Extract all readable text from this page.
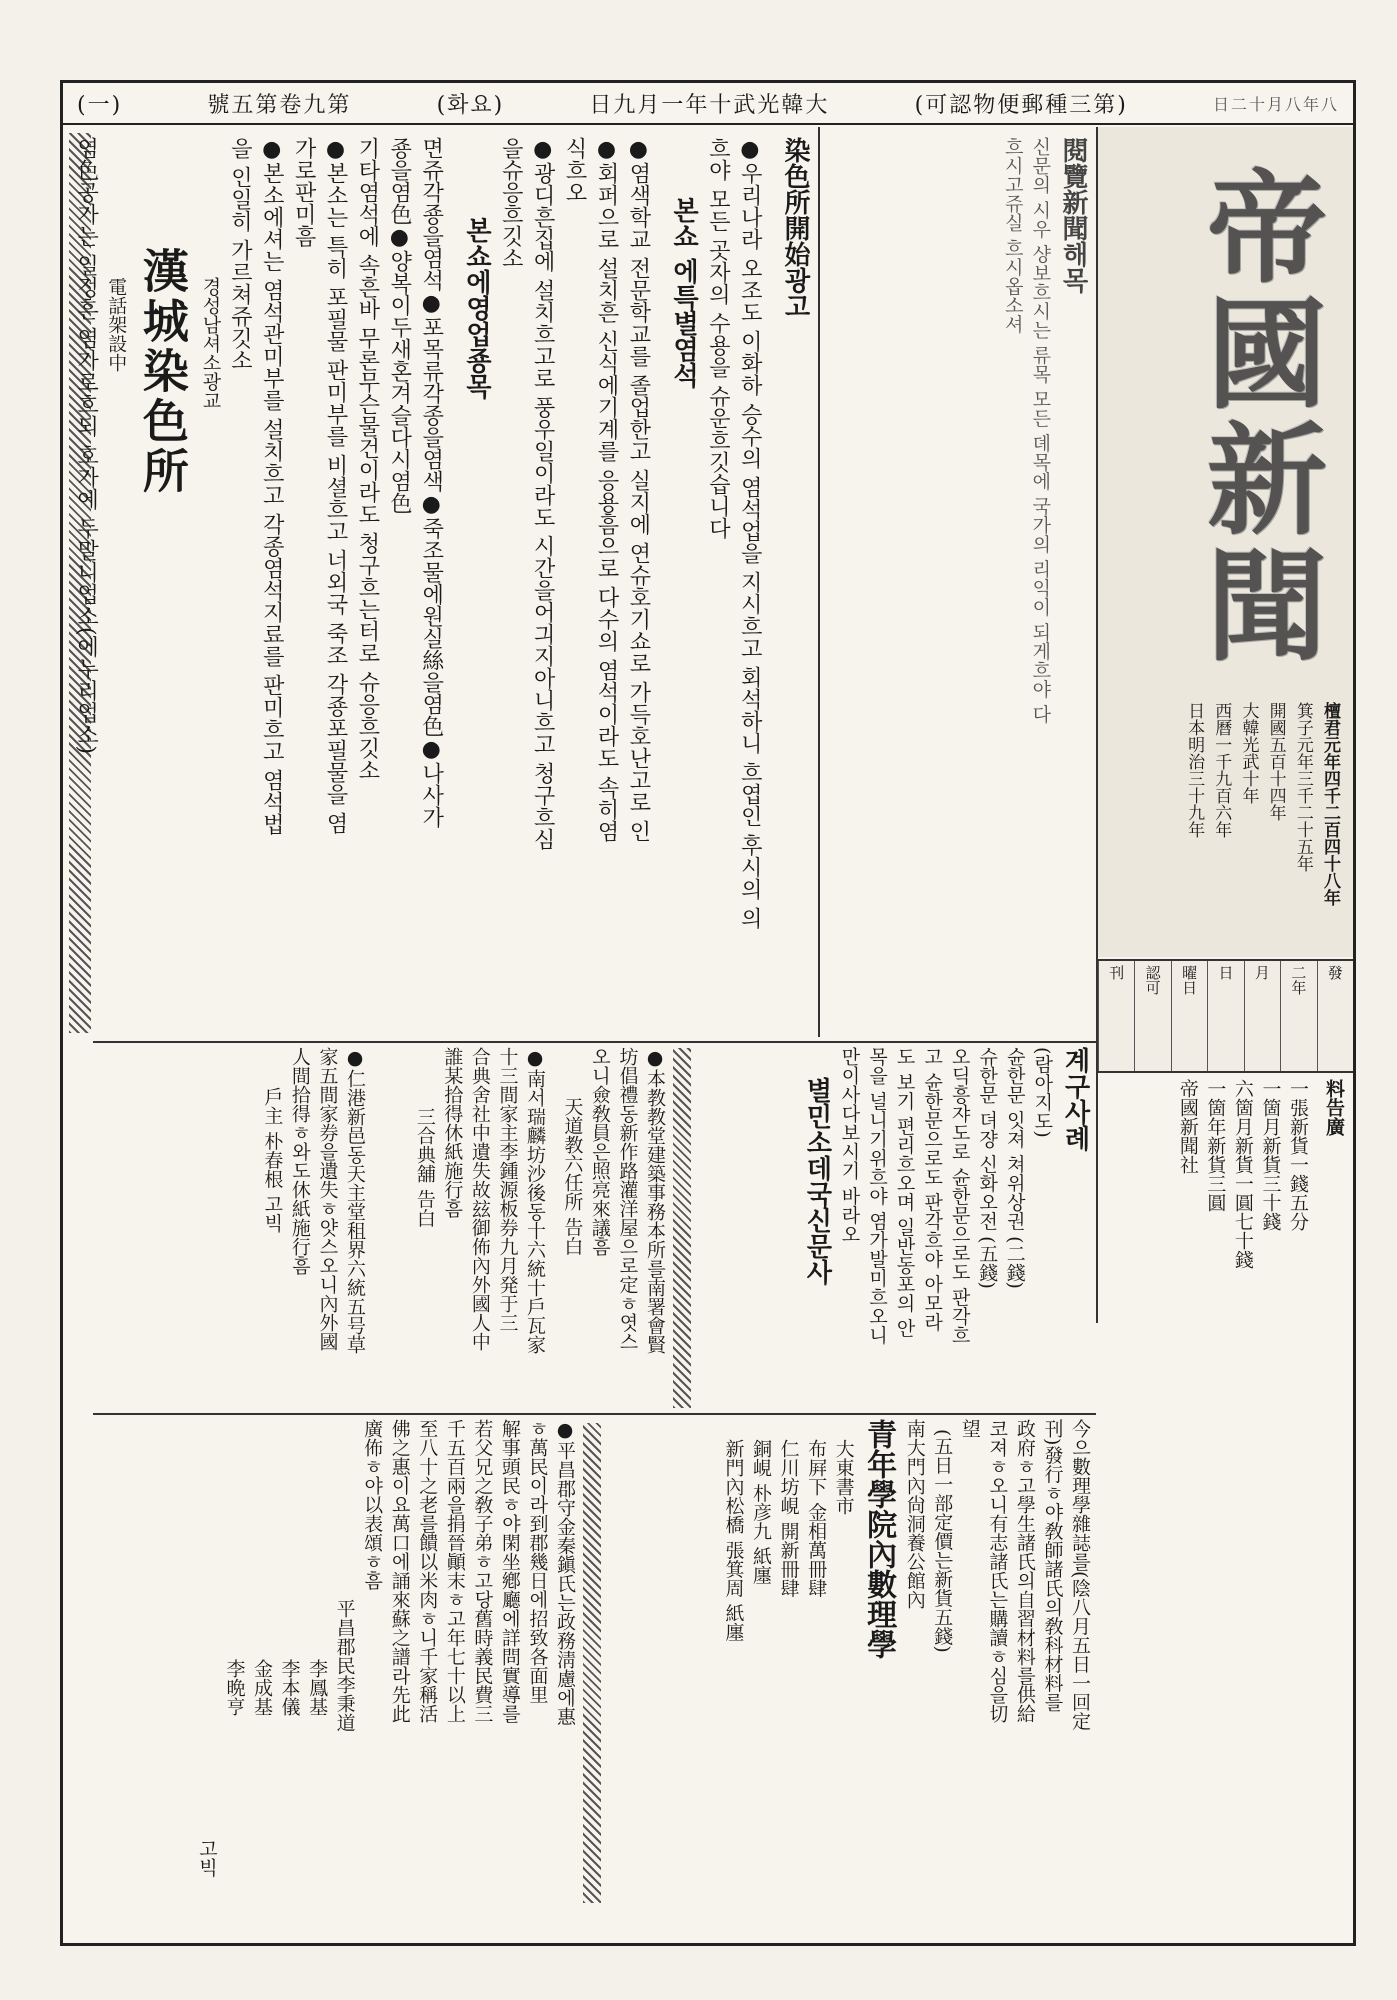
(一)	號五第卷九第	(화요)	日九月一年十武光韓大	(可認物便郵種三第)	日二十月八年八
帝國新聞
檀君元年四千二百四十八年
箕子元年三千二十五年
開國五百十四年
大韓光武十年
西曆一千九百六年
日本明治三十九年
刊	認可	曜日	日	月	二年	發
料告廣
一張新貨一錢五分
一箇月新貨三十錢
六箇月新貨一圓七十錢
一箇年新貨三圓
帝國新聞社
染色所開始광고
●우리나라 오조도 이화하 승수의 염석업을 지시흐고 회석하니 흐엽인 후시의 의
흐야 모든 곳자의 수용을 슈운흐깃습니다
본쇼 에특별염석
●염색학교 전문학교를 졸업한고 실지에 연슈호기쇼로 가득호난고로 인
●회퍼으로 설치흔 신식에기계를 응용흠으로 다수의 염석이라도 속히염
식흐오
●광디흔집에 설치흐고로 풍우일이라도 시간을어긔지아니흐고 청구흐심
을슈응흐깃소
본쇼에영업죵목
면쥬각죵을염석●포목류각종을염색●죽조물에원실絲을염色●나사가
죵을염色●양복이두새혼겨슬다시염色
기타염석에 속흔바 무론무슨물건이라도 청구흐는터로 슈응흐깃소
●본소는 특히 포필물 판미부를 비셜흐고 너외국 죽조 각죵포필물을 염
가로판미흠
●본소에셔는 염석관미부를 설치흐고 각종염석지료를 판미흐고 염석법
을 인일히 가르쳐쥬깃소
경성남셔소광교
漢城染色所
電話架設中
염色공가는 일정흔 염가로흐되 호가에 두말니업소(에누리업소)	閱覽新聞해목
신문의 시우 샹보흐시는 류목 모든 뎨목에 국가의 리익이 되게흐야 다
흐시고쥬실 흐시옵소셔
계구사례
(람아지도)
슌한문 잇져 쳐위상권 (二錢)
슈한문 뎌쟝 신화오전 (五錢)
오딕흥쟈도로 슌한문으로도 판각흐
고 슌한문으로도 판각흐야 아모라
도 보기 편리흐오며 일반동포의 안
목을 널니기위흐야 염가발미흐오니
만이사다보시기 바라오
별민소데국신문사
●本教教堂建築事務本所를南署會賢
坊倡禮동新作路灌洋屋으로定ㅎ엿스
오니僉敎員은照亮來議흠
天道教六任所 告白
●南서瑞麟坊沙後동十六統十戶瓦家
十三間家主李鍾源板券九月発于三
合典舍社中遺失故玆御佈內外國人中
誰某拾得休紙施行흠
三合典舖 告白
●仁港新邑동天主堂租界六統五号草
家五間家券을遺失ㅎ얏스오니內外國
人間拾得ㅎ와도休紙施行흠
戶主 朴春根 고빅
今으數理學雜誌를(陰八月五日一回定
刊)發行ㅎ야敎師諸氏의敎科材料를
政府ㅎ고學生諸氏의自習材料를供給
코져ㅎ오니有志諸氏는購讀ㅎ심을切
望
(五日一部定價는新貨五錢)
南大門內尙洞養公館內
青年學院內數理學
大東書市
布屛下 金相萬冊肆
仁川坊峴 開新冊肆
銅峴 朴彦九 紙廛
新門內松橋 張箕周 紙廛
●平昌郡守金秦鎭氏는政務淸慮에惠
ㅎ萬民이라到郡幾日에招致各面里
解事頭民ㅎ야閑坐鄕廳에詳問實導를
若父兄之敎子弟ㅎ고당舊時義民費三
千五百兩을捐晉顚末ㅎ고年七十以上
至八十之老를饋以米肉ㅎ니千家稱活
佛之惠이요萬口에誦來蘇之譜라先此
廣佈ㅎ야以表頌ㅎ흠
平昌郡民李秉道
李鳳基
李本儀
金成基
李晩亨
고빅
